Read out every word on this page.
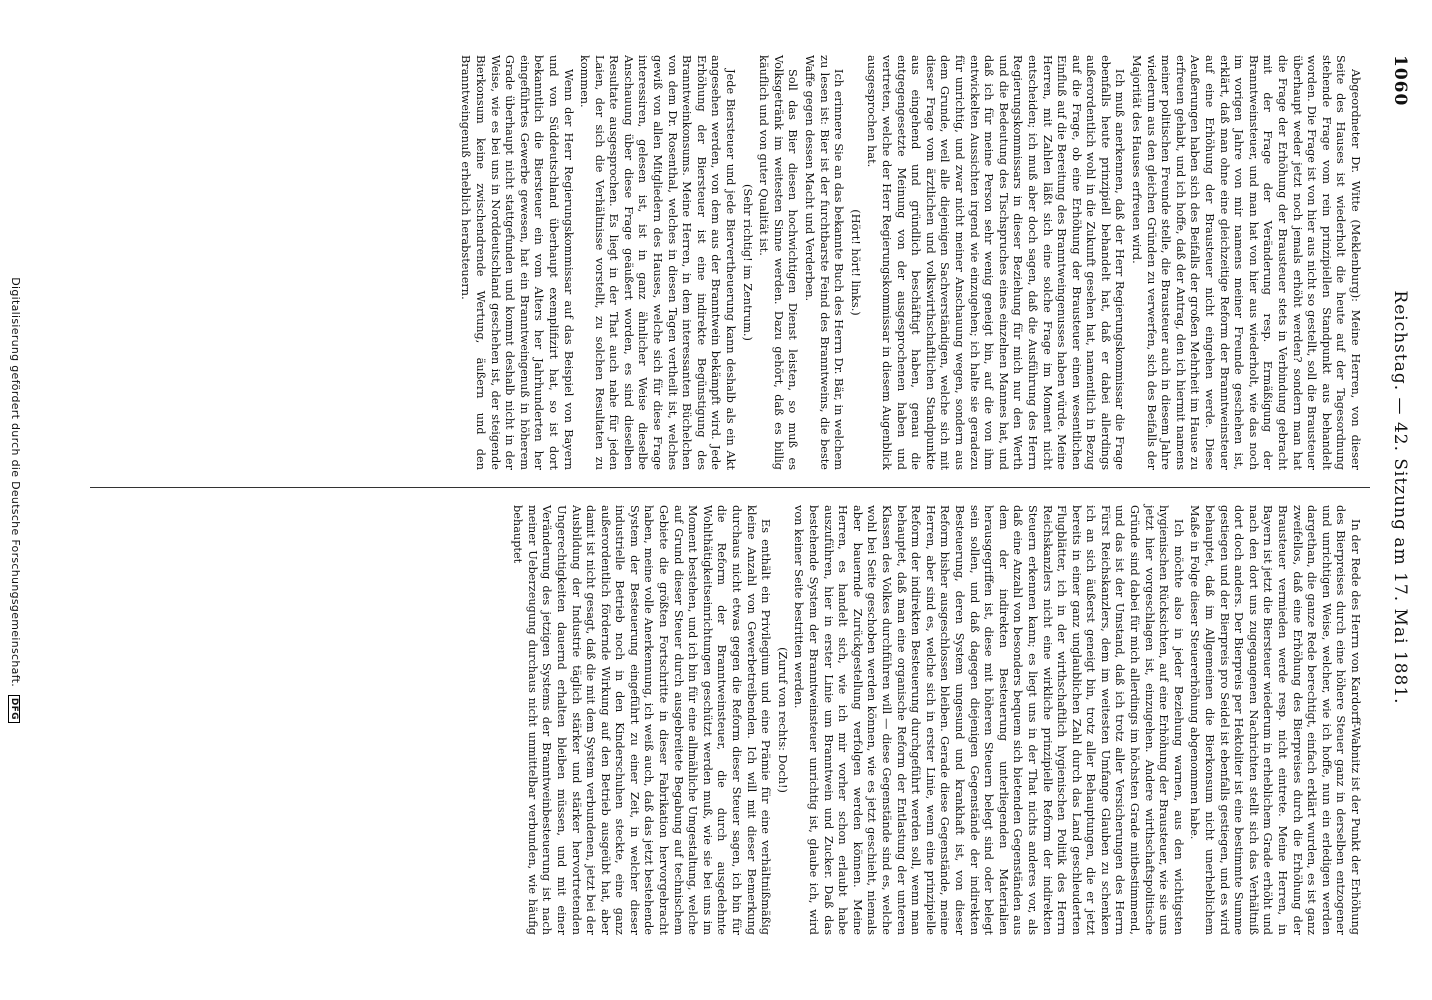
1060
Reichstag. — 42. Sitzung am 17. Mai 1881.

Abgeordneter Dr. Witte (Meklenburg): Meine Herren, von dieser Seite des Hauses ist wiederholt die heute auf der Tagesordnung stehende Frage vom rein prinzipiellen Standpunkt aus behandelt worden. Die Frage ist von hier aus nicht so gestellt, soll die Brausteuer überhaupt weder jetzt noch jemals erhöht werden? sondern man hat die Frage der Erhöhung der Brausteuer stets in Verbindung gebracht mit der Frage der Veränderung resp. Ermäßigung der Branntweinsteuer, und man hat von hier aus wiederholt, wie das noch im vorigen Jahre von mir namens meiner Freunde geschehen ist, erklärt, daß man ohne eine gleichzeitige Reform der Branntweinsteuer auf eine Erhöhung der Brausteuer nicht eingehen werde. Diese Aeußerungen haben sich des Beifalls der großen Mehrheit im Hause zu erfreuen gehabt, und ich hoffe, daß der Antrag, den ich hiermit namens meiner politischen Freunde stelle, die Brausteuer auch in diesem Jahre wiederum aus den gleichen Gründen zu verwerfen, sich des Beifalls der Majorität des Hauses erfreuen wird.

Ich muß anerkennen, daß der Herr Regierungskommissar die Frage ebenfalls heute prinzipiell behandelt hat, daß er dabei allerdings außerordentlich wohl in die Zukunft gesehen hat, namentlich in Bezug auf die Frage, ob eine Erhöhung der Brausteuer einen wesentlichen Einfluß auf die Bereitung des Branntweingenusses haben würde. Meine Herren, mit Zahlen läßt sich eine solche Frage im Moment nicht entscheiden; ich muß aber doch sagen, daß die Ausführung des Herrn Regierungskommissars in dieser Beziehung für mich nur den Werth und die Bedeutung des Tischspruches eines einzelnen Mannes hat, und daß ich für meine Person sehr wenig geneigt bin, auf die von ihm entwickelten Aussichten irgend wie einzugehen; ich halte sie geradezu für unrichtig, und zwar nicht meiner Anschauung wegen, sondern aus dem Grunde, weil alle diejenigen Sachverständigen, welche sich mit dieser Frage vom ärztlichen und volkswirthschaftlichen Standpunkte aus eingehend und gründlich beschäftigt haben, genau die entgegengesetzte Meinung von der ausgesprochenen haben und vertreten, welche der Herr Regierungskommissar in diesem Augenblick ausgesprochen hat.

(Hört! hört! links.)

Ich erinnere Sie an das bekannte Buch des Herrn Dr. Bär, in welchem zu lesen ist: Bier ist der furchtbarste Feind des Branntweins, die beste Waffe gegen dessen Macht und Verderben.

Soll das Bier diesen hochwichtigen Dienst leisten, so muß es Volksgetränk im weitesten Sinne werden. Dazu gehört, daß es billig käuflich und von guter Qualität ist.

(Sehr richtig! im Zentrum.)

Jede Biersteuer und jede Biervertheuerung kann deshalb als ein Akt angesehen werden, von dem aus der Branntwein bekämpft wird. Jede Erhöhung der Biersteuer ist eine indirekte Begünstigung des Branntweinkonsums. Meine Herren, in dem interessanten Büchelchen von dem Dr. Rosenthal, welches in diesen Tagen vertheilt ist, welches gewiß von allen Mitgliedern des Hauses, welche sich für diese Frage interessiren, gelesen ist, ist in ganz ähnlicher Weise dieselbe Anschauung über diese Frage geäußert worden, es sind dieselben Resultate ausgesprochen. Es liegt in der That auch nahe für jeden Laien, der sich die Verhältnisse vorstellt, zu solchen Resultaten zu kommen.

Wenn der Herr Regierungskommissar auf das Beispiel von Bayern und von Süddeutschland überhaupt exemplifizirt hat, so ist dort bekanntlich die Biersteuer ein vom Alters her Jahrhunderten her eingeführtes Gewerbe gewesen, hat ein Branntweingenuß in höherem Grade überhaupt nicht stattgefunden und kommt deshalb nicht in der Weise, wie es bei uns in Norddeutschland geschehen ist, der steigende Bierkonsum keine zwischendrende Wertung, äußern und den Branntweingenuß erheblich herabsteuern.

In der Rede des Herrn von Kardorff-Wabnitz ist der Punkt der Erhöhung des Bierpreises durch eine höhere Steuer ganz in derselben entzogener und unrichtigen Weise, welcher, wie ich hoffe, nun ein erledigen werden dargethan, die ganze Rede berechtigt, einfach erklärt wurden, es ist ganz zweifellos, daß eine Erhöhung des Bierpreises durch die Erhöhung der Brausteuer vermieden werde resp. nicht eintrete. Meine Herren, in Bayern ist jetzt die Biersteuer wiederum in erheblichem Grade erhöht und nach den dort uns zugegangenen Nachrichten stellt sich das Verhältniß dort doch anders. Der Bierpreis per Hektoliter ist eine bestimmte Summe gestiegen und der Bierpreis pro Seidel ist ebenfalls gestiegen, und es wird behauptet, daß im Allgemeinen die Bierkonsum nicht unerheblichem Maße in Folge dieser Steuererhöhung abgenommen habe.

Ich möchte also in jeder Beziehung warnen, aus den wichtigsten hygienischen Rücksichten, auf eine Erhöhung der Brausteuer, wie sie uns jetzt hier vorgeschlagen ist, einzugehen. Andere wirthschaftspolitische Gründe sind dabei für mich allerdings im höchsten Grade mitbestimmend, und das ist der Umstand, daß ich trotz aller Versicherungen des Herrn Fürst Reichskanzlers, dem im weitesten Umfange Glauben zu schenken ich an sich äußerst geneigt bin, trotz aller Behauptungen, die er jetzt bereits in einer ganz unglaublichen Zahl durch das Land geschleuderten Flugblätter, ich in der wirthschaftlich hygienischen Politik des Herrn Reichskanzlers nicht eine wirkliche prinzipielle Reform der indirekten Steuern erkennen kann; es liegt uns in der That nichts anderes vor, als daß eine Anzahl von besonders bequem sich bietenden Gegenständen aus dem der indirekten Besteuerung unterliegenden Materialien herausgegriffen ist, diese mit höheren Steuern belegt sind oder belegt sein sollen, und daß dagegen diejenigen Gegenstände der indirekten Besteuerung, deren System ungesund und krankhaft ist, von dieser Reform bisher ausgeschlossen bleiben. Gerade diese Gegenstände, meine Herren, aber sind es, welche sich in erster Linie, wenn eine prinzipielle Reform der indirekten Besteuerung durchgeführt werden soll, wenn man behauptet, daß man eine organische Reform der Entlastung der unteren Klassen des Volkes durchführen will — diese Gegenstände sind es, welche wohl bei Seite geschoben werden können, wie es jetzt geschieht, niemals aber bauernde Zurückgestellung verfolgen werden können. Meine Herren, es handelt sich, wie ich mir vorher schon erlaubt habe auszuführen, hier in erster Linie um Branntwein und Zucker. Daß das bestehende System der Branntweinsteuer unrichtig ist, glaube ich, wird von keiner Seite bestritten werden.

(Zuruf von rechts: Doch!)

Es enthält ein Privilegium und eine Prämie für eine verhältnißmäßig kleine Anzahl von Gewerbetreibenden. Ich will mit dieser Bemerkung durchaus nicht etwas gegen die Reform dieser Steuer sagen, ich bin für die Reform der Branntweinsteuer, die durch ausgedehnte Wohlthätigkeitseinrichtungen geschützt werden muß, wie sie bei uns im Moment bestehen, und ich bin für eine allmähliche Umgestaltung, welche auf Grund dieser Steuer durch ausgebreitete Begabung auf technischem Gebiete die größten Fortschritte in dieser Fabrikation hervorgebracht haben, meine volle Anerkennung, ich weiß auch, daß das jetzt bestehende System der Besteuerung eingeführt zu einer Zeit, in welcher dieser industrielle Betrieb noch in den Kinderschuhen steckte, eine ganz außerordentlich fördernde Wirkung auf den Betrieb ausgeübt hat, aber damit ist nicht gesagt, daß die mit dem System verbundenen, jetzt bei der Ausbildung der Industrie täglich stärker und stärker hervortretenden Ungerechtigkeiten dauernd erhalten bleiben müssen, und mit einer Veränderung des jetzigen Systems der Branntweinbesteuerung ist nach meiner Ueberzeugung durchaus nicht unmittelbar verbunden, wie häufig behauptet

Digitalisierung gefördert durch die Deutsche Forschungsgemeinschaft. DFG
